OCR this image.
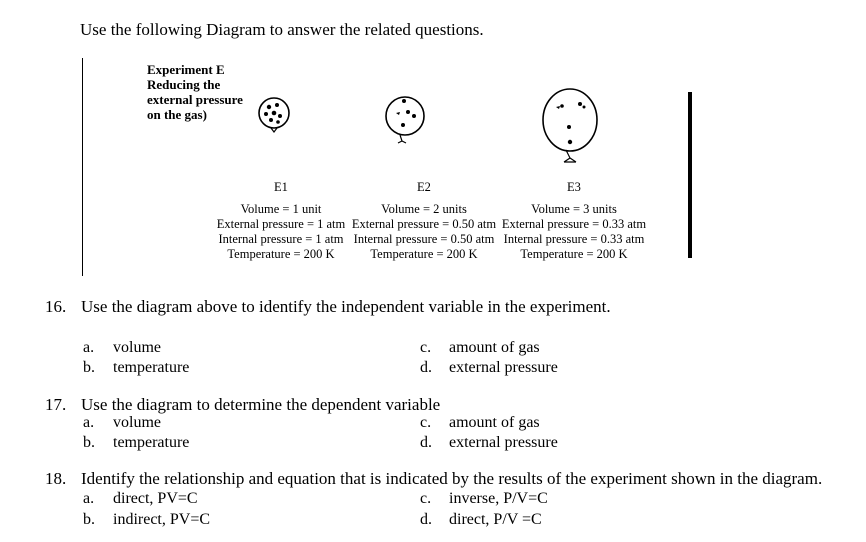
Use the following Diagram to answer the related questions.
Experiment E
Reducing the
external pressure
on the gas)
E1
Volume = 1 unit
External pressure = 1 atm
Internal pressure = 1 atm
Temperature = 200 K
E2
Volume = 2 units
External pressure = 0.50 atm
Internal pressure = 0.50 atm
Temperature = 200 K
E3
Volume = 3 units
External pressure = 0.33 atm
Internal pressure = 0.33 atm
Temperature = 200 K
16. Use the diagram above to identify the independent variable in the experiment.
a. volume
b. temperature
c. amount of gas
d. external pressure
17. Use the diagram to determine the dependent variable
a. volume
b. temperature
c. amount of gas
d. external pressure
18. Identify the relationship and equation that is indicated by the results of the experiment shown in the diagram.
a. direct, PV=C
b. indirect, PV=C
c. inverse, P/V=C
d. direct, P/V =C
